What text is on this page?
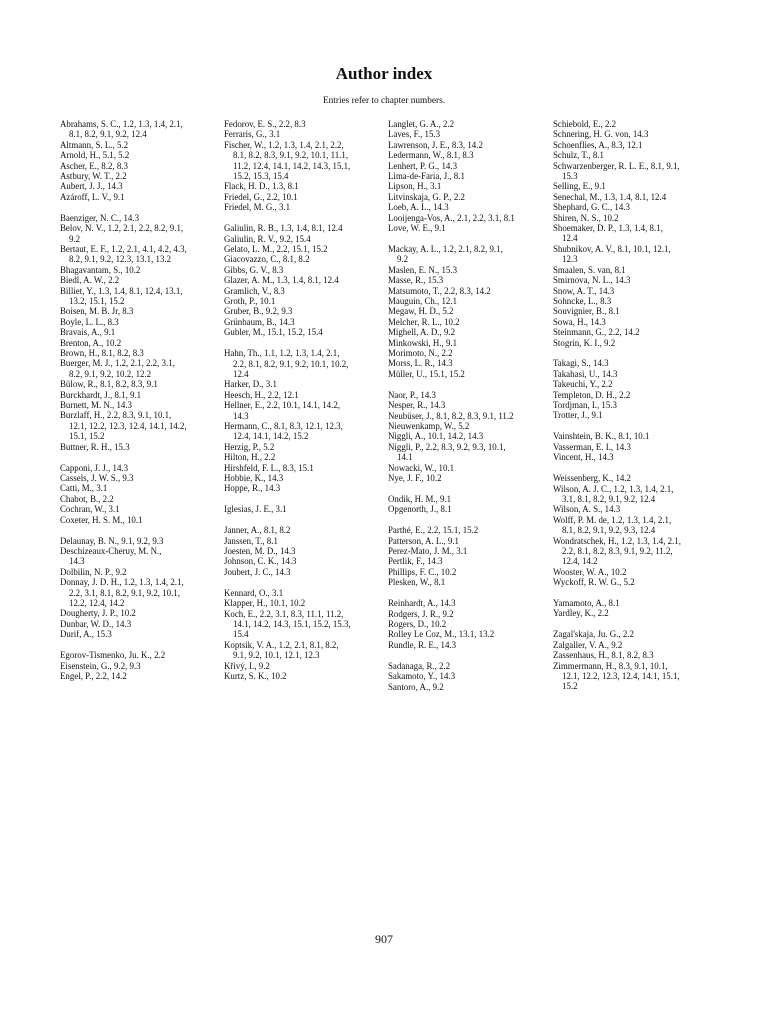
Author index
Entries refer to chapter numbers.
Abrahams, S. C., 1.2, 1.3, 1.4, 2.1,
8.1, 8.2, 9.1, 9.2, 12.4
Altmann, S. L., 5.2
Arnold, H., 5.1, 5.2
Ascher, E., 8.2, 8.3
Astbury, W. T., 2.2
Aubert, J. J., 14.3
Azároff, L. V., 9.1
Baenziger, N. C., 14.3
Belov, N. V., 1.2, 2.1, 2.2, 8.2, 9.1,
9.2
Bertaut, E. F., 1.2, 2.1, 4.1, 4.2, 4.3,
8.2, 9.1, 9.2, 12.3, 13.1, 13.2
Bhagavantam, S., 10.2
Biedl, A. W., 2.2
Billiet, Y., 1.3, 1.4, 8.1, 12.4, 13.1,
13.2, 15.1, 15.2
Boisen, M. B. Jr, 8.3
Boyle, L. L., 8.3
Bravais, A., 9.1
Brenton, A., 10.2
Brown, H., 8.1, 8.2, 8.3
Buerger, M. J., 1.2, 2.1, 2.2, 3.1,
8.2, 9.1, 9.2, 10.2, 12.2
Bülow, R., 8.1, 8.2, 8.3, 9.1
Burckhardt, J., 8.1, 9.1
Burnett, M. N., 14.3
Burzlaff, H., 2.2, 8.3, 9.1, 10.1,
12.1, 12.2, 12.3, 12.4, 14.1, 14.2,
15.1, 15.2
Buttner, R. H., 15.3
Capponi, J. J., 14.3
Cassels, J. W. S., 9.3
Catti, M., 3.1
Chabot, B., 2.2
Cochran, W., 3.1
Coxeter, H. S. M., 10.1
Delaunay, B. N., 9.1, 9.2, 9.3
Deschizeaux-Cheruy, M. N.,
14.3
Dolbilin, N. P., 9.2
Donnay, J. D. H., 1.2, 1.3, 1.4, 2.1,
2.2, 3.1, 8.1, 8.2, 9.1, 9.2, 10.1,
12.2, 12.4, 14.2
Dougherty, J. P., 10.2
Dunbar, W. D., 14.3
Durif, A., 15.3
Egorov-Tismenko, Ju. K., 2.2
Eisenstein, G., 9.2, 9.3
Engel, P., 2.2, 14.2
Fedorov, E. S., 2.2, 8.3
Ferraris, G., 3.1
Fischer, W., 1.2, 1.3, 1.4, 2.1, 2.2,
8.1, 8.2, 8.3, 9.1, 9.2, 10.1, 11.1,
11.2, 12.4, 14.1, 14.2, 14.3, 15.1,
15.2, 15.3, 15.4
Flack, H. D., 1.3, 8.1
Friedel, G., 2.2, 10.1
Friedel, M. G., 3.1
Galiulin, R. B., 1.3, 1.4, 8.1, 12.4
Galiulin, R. V., 9.2, 15.4
Gelato, L. M., 2.2, 15.1, 15.2
Giacovazzo, C., 8.1, 8.2
Gibbs, G. V., 8.3
Glazer, A. M., 1.3, 1.4, 8.1, 12.4
Gramlich, V., 8.3
Groth, P., 10.1
Gruber, B., 9.2, 9.3
Grünbaum, B., 14.3
Gubler, M., 15.1, 15.2, 15.4
Hahn, Th., 1.1, 1.2, 1.3, 1.4, 2.1,
2.2, 8.1, 8.2, 9.1, 9.2, 10.1, 10.2,
12.4
Harker, D., 3.1
Heesch, H., 2.2, 12.1
Hellner, E., 2.2, 10.1, 14.1, 14.2,
14.3
Hermann, C., 8.1, 8.3, 12.1, 12.3,
12.4, 14.1, 14.2, 15.2
Herzig, P., 5.2
Hilton, H., 2.2
Hirshfeld, F. L., 8.3, 15.1
Hobbie, K., 14.3
Hoppe, R., 14.3
Iglesias, J. E., 3.1
Janner, A., 8.1, 8.2
Janssen, T., 8.1
Joesten, M. D., 14.3
Johnson, C. K., 14.3
Joubert, J. C., 14.3
Kennard, O., 3.1
Klapper, H., 10.1, 10.2
Koch, E., 2.2, 3.1, 8.3, 11.1, 11.2,
14.1, 14.2, 14.3, 15.1, 15.2, 15.3,
15.4
Koptsik, V. A., 1.2, 2.1, 8.1, 8.2,
9.1, 9.2, 10.1, 12.1, 12.3
Křivý, I., 9.2
Kurtz, S. K., 10.2
Langlet, G. A., 2.2
Laves, F., 15.3
Lawrenson, J. E., 8.3, 14.2
Ledermann, W., 8.1, 8.3
Lenhert, P. G., 14.3
Lima-de-Faria, J., 8.1
Lipson, H., 3.1
Litvinskaja, G. P., 2.2
Loeb, A. L., 14.3
Looijenga-Vos, A., 2.1, 2.2, 3.1, 8.1
Love, W. E., 9.1
Mackay, A. L., 1.2, 2.1, 8.2, 9.1,
9.2
Maslen, E. N., 15.3
Masse, R., 15.3
Matsumoto, T., 2.2, 8.3, 14.2
Mauguin, Ch., 12.1
Megaw, H. D., 5.2
Melcher, R. L., 10.2
Mighell, A. D., 9.2
Minkowski, H., 9.1
Morimoto, N., 2.2
Morss, L. R., 14.3
Müller, U., 15.1, 15.2
Naor, P., 14.3
Nesper, R., 14.3
Neubüser, J., 8.1, 8.2, 8.3, 9.1, 11.2
Nieuwenkamp, W., 5.2
Niggli, A., 10.1, 14.2, 14.3
Niggli, P., 2.2, 8.3, 9.2, 9.3, 10.1,
14.1
Nowacki, W., 10.1
Nye, J. F., 10.2
Ondik, H. M., 9.1
Opgenorth, J., 8.1
Parthé, E., 2.2, 15.1, 15.2
Patterson, A. L., 9.1
Perez-Mato, J. M., 3.1
Pertlik, F., 14.3
Phillips, F. C., 10.2
Plesken, W., 8.1
Reinhardt, A., 14.3
Rodgers, J. R., 9.2
Rogers, D., 10.2
Rolley Le Coz, M., 13.1, 13.2
Rundle, R. E., 14.3
Sadanaga, R., 2.2
Sakamoto, Y., 14.3
Santoro, A., 9.2
Schiebold, E., 2.2
Schnering, H. G. von, 14.3
Schoenflies, A., 8.3, 12.1
Schulz, T., 8.1
Schwarzenberger, R. L. E., 8.1, 9.1,
15.3
Selling, E., 9.1
Senechal, M., 1.3, 1.4, 8.1, 12.4
Shephard, G. C., 14.3
Shiren, N. S., 10.2
Shoemaker, D. P., 1.3, 1.4, 8.1,
12.4
Shubnikov, A. V., 8.1, 10.1, 12.1,
12.3
Smaalen, S. van, 8.1
Smirnova, N. L., 14.3
Snow, A. T., 14.3
Sohncke, L., 8.3
Souvignier, B., 8.1
Sowa, H., 14.3
Steinmann, G., 2.2, 14.2
Stogrin, K. I., 9.2
Takagi, S., 14.3
Takahasi, U., 14.3
Takeuchi, Y., 2.2
Templeton, D. H., 2.2
Tordjman, I., 15.3
Trotter, J., 9.1
Vainshtein, B. K., 8.1, 10.1
Vasserman, E. I., 14.3
Vincent, H., 14.3
Weissenberg, K., 14.2
Wilson, A. J. C., 1.2, 1.3, 1.4, 2.1,
3.1, 8.1, 8.2, 9.1, 9.2, 12.4
Wilson, A. S., 14.3
Wolff, P. M. de, 1.2, 1.3, 1.4, 2.1,
8.1, 8.2, 9.1, 9.2, 9.3, 12.4
Wondratschek, H., 1.2, 1.3, 1.4, 2.1,
2.2, 8.1, 8.2, 8.3, 9.1, 9.2, 11.2,
12.4, 14.2
Wooster, W. A., 10.2
Wyckoff, R. W. G., 5.2
Yamamoto, A., 8.1
Yardley, K., 2.2
Zagal'skaja, Ju. G., 2.2
Zalgaller, V. A., 9.2
Zassenhaus, H., 8.1, 8.2, 8.3
Zimmermann, H., 8.3, 9.1, 10.1,
12.1, 12.2, 12.3, 12.4, 14.1, 15.1,
15.2
907
